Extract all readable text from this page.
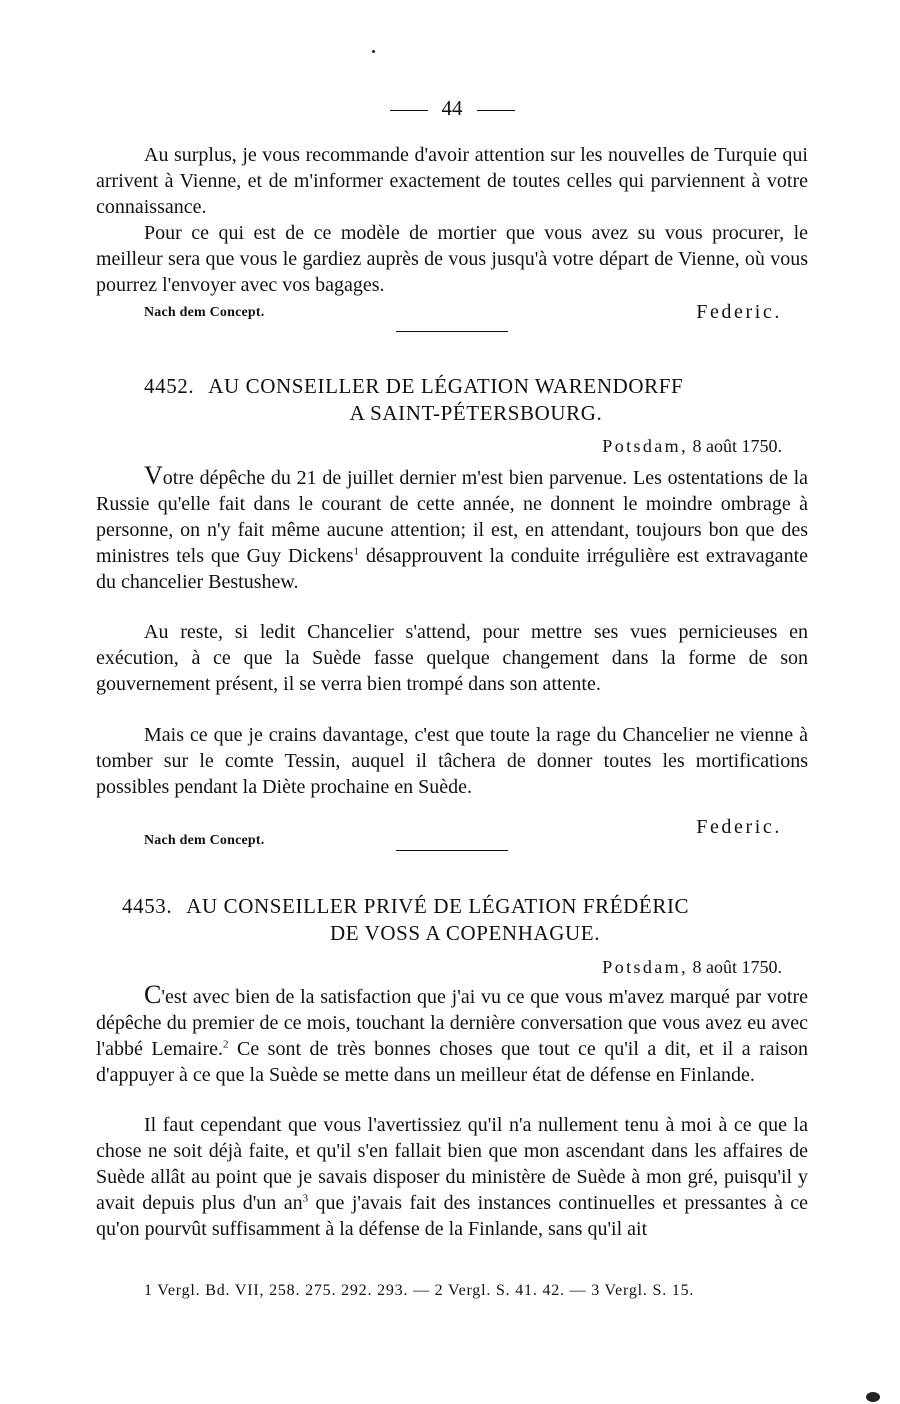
44
Au surplus, je vous recommande d'avoir attention sur les nouvelles de Turquie qui arrivent à Vienne, et de m'informer exactement de toutes celles qui parviennent à votre connaissance.
Pour ce qui est de ce modèle de mortier que vous avez su vous procurer, le meilleur sera que vous le gardiez auprès de vous jusqu'à votre départ de Vienne, où vous pourrez l'envoyer avec vos bagages.
Nach dem Concept.	Federic.
4452. AU CONSEILLER DE LÉGATION WARENDORFF
A SAINT-PÉTERSBOURG.
Potsdam, 8 août 1750.
Votre dépêche du 21 de juillet dernier m'est bien parvenue. Les ostentations de la Russie qu'elle fait dans le courant de cette année, ne donnent le moindre ombrage à personne, on n'y fait même aucune attention; il est, en attendant, toujours bon que des ministres tels que Guy Dickens$^1$ désapprouvent la conduite irrégulière est extravagante du chancelier Bestushew.
Au reste, si ledit Chancelier s'attend, pour mettre ses vues pernicieuses en exécution, à ce que la Suède fasse quelque changement dans la forme de son gouvernement présent, il se verra bien trompé dans son attente.
Mais ce que je crains davantage, c'est que toute la rage du Chancelier ne vienne à tomber sur le comte Tessin, auquel il tâchera de donner toutes les mortifications possibles pendant la Diète prochaine en Suède.
Nach dem Concept.
Federic.
4453. AU CONSEILLER PRIVÉ DE LÉGATION FRÉDÉRIC
DE VOSS A COPENHAGUE.
Potsdam, 8 août 1750.
C'est avec bien de la satisfaction que j'ai vu ce que vous m'avez marqué par votre dépêche du premier de ce mois, touchant la dernière conversation que vous avez eu avec l'abbé Lemaire.$^2$ Ce sont de très bonnes choses que tout ce qu'il a dit, et il a raison d'appuyer à ce que la Suède se mette dans un meilleur état de défense en Finlande.
Il faut cependant que vous l'avertissiez qu'il n'a nullement tenu à moi à ce que la chose ne soit déjà faite, et qu'il s'en fallait bien que mon ascendant dans les affaires de Suède allât au point que je savais disposer du ministère de Suède à mon gré, puisqu'il y avait depuis plus d'un $an^3$ que j'avais fait des instances continuelles et pressantes à ce qu'on pourvût suffisamment à la défense de la Finlande, sans qu'il ait
1 Vergl. Bd. VII, 258. 275. 292. 293. — 2 Vergl. S. 41. 42. — 3 Vergl. S. 15.
